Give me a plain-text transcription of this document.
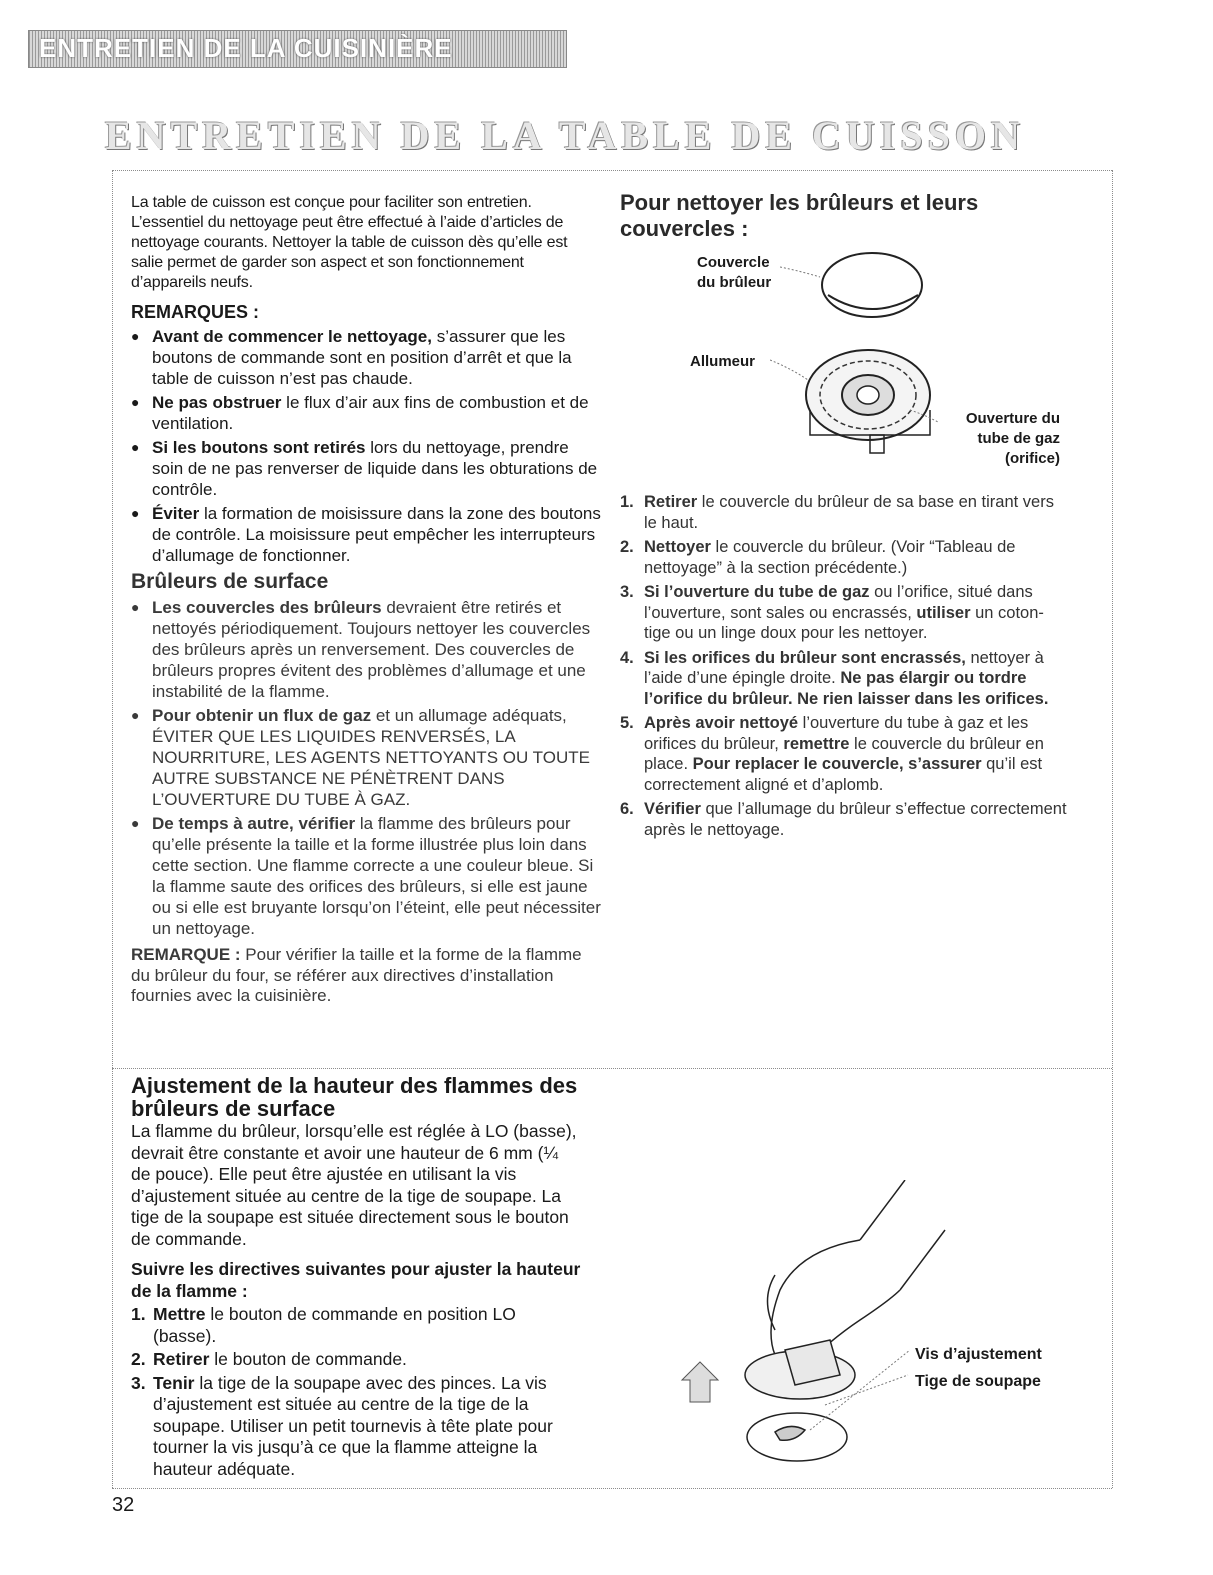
ENTRETIEN DE LA CUISINIÈRE
ENTRETIEN DE LA TABLE DE CUISSON

La table de cuisson est conçue pour faciliter son entretien. L’essentiel du nettoyage peut être effectué à l’aide d’articles de nettoyage courants. Nettoyer la table de cuisson dès qu’elle est salie permet de garder son aspect et son fonctionnement d’appareils neufs.

REMARQUES :
● Avant de commencer le nettoyage, s’assurer que les boutons de commande sont en position d’arrêt et que la table de cuisson n’est pas chaude.
● Ne pas obstruer le flux d’air aux fins de combustion et de ventilation.
● Si les boutons sont retirés lors du nettoyage, prendre soin de ne pas renverser de liquide dans les obturations de contrôle.
● Éviter la formation de moisissure dans la zone des boutons de contrôle. La moisissure peut empêcher les interrupteurs d’allumage de fonctionner.
Brûleurs de surface
● Les couvercles des brûleurs devraient être retirés et nettoyés périodiquement. Toujours nettoyer les couvercles des brûleurs après un renversement. Des couvercles de brûleurs propres évitent des problèmes d’allumage et une instabilité de la flamme.
● Pour obtenir un flux de gaz et un allumage adéquats, ÉVITER QUE LES LIQUIDES RENVERSÉS, LA NOURRITURE, LES AGENTS NETTOYANTS OU TOUTE AUTRE SUBSTANCE NE PÉNÈTRENT DANS L’OUVERTURE DU TUBE À GAZ.
● De temps à autre, vérifier la flamme des brûleurs pour qu’elle présente la taille et la forme illustrée plus loin dans cette section. Une flamme correcte a une couleur bleue. Si la flamme saute des orifices des brûleurs, si elle est jaune ou si elle est bruyante lorsqu’on l’éteint, elle peut nécessiter un nettoyage.

REMARQUE : Pour vérifier la taille et la forme de la flamme du brûleur du four, se référer aux directives d’installation fournies avec la cuisinière.

Pour nettoyer les brûleurs et leurs couvercles :
Couvercle
du brûleur
Allumeur
Ouverture du
tube de gaz
(orifice)
1. Retirer le couvercle du brûleur de sa base en tirant vers le haut.
2. Nettoyer le couvercle du brûleur. (Voir “Tableau de nettoyage” à la section précédente.)
3. Si l’ouverture du tube de gaz ou l’orifice, situé dans l’ouverture, sont sales ou encrassés, utiliser un coton-tige ou un linge doux pour les nettoyer.
4. Si les orifices du brûleur sont encrassés, nettoyer à l’aide d’une épingle droite. Ne pas élargir ou tordre l’orifice du brûleur. Ne rien laisser dans les orifices.
5. Après avoir nettoyé l’ouverture du tube à gaz et les orifices du brûleur, remettre le couvercle du brûleur en place. Pour replacer le couvercle, s’assurer qu’il est correctement aligné et d’aplomb.
6. Vérifier que l’allumage du brûleur s’effectue correctement après le nettoyage.
Ajustement de la hauteur des flammes des brûleurs de surface

La flamme du brûleur, lorsqu’elle est réglée à LO (basse), devrait être constante et avoir une hauteur de 6 mm (¼ de pouce). Elle peut être ajustée en utilisant la vis d’ajustement située au centre de la tige de soupape. La tige de la soupape est située directement sous le bouton de commande.

Suivre les directives suivantes pour ajuster la hauteur de la flamme :
1. Mettre le bouton de commande en position LO (basse).
2. Retirer le bouton de commande.
3. Tenir la tige de la soupape avec des pinces. La vis d’ajustement est située au centre de la tige de la soupape. Utiliser un petit tournevis à tête plate pour tourner la vis jusqu’à ce que la flamme atteigne la hauteur adéquate.
Vis d’ajustement
Tige de soupape
32
